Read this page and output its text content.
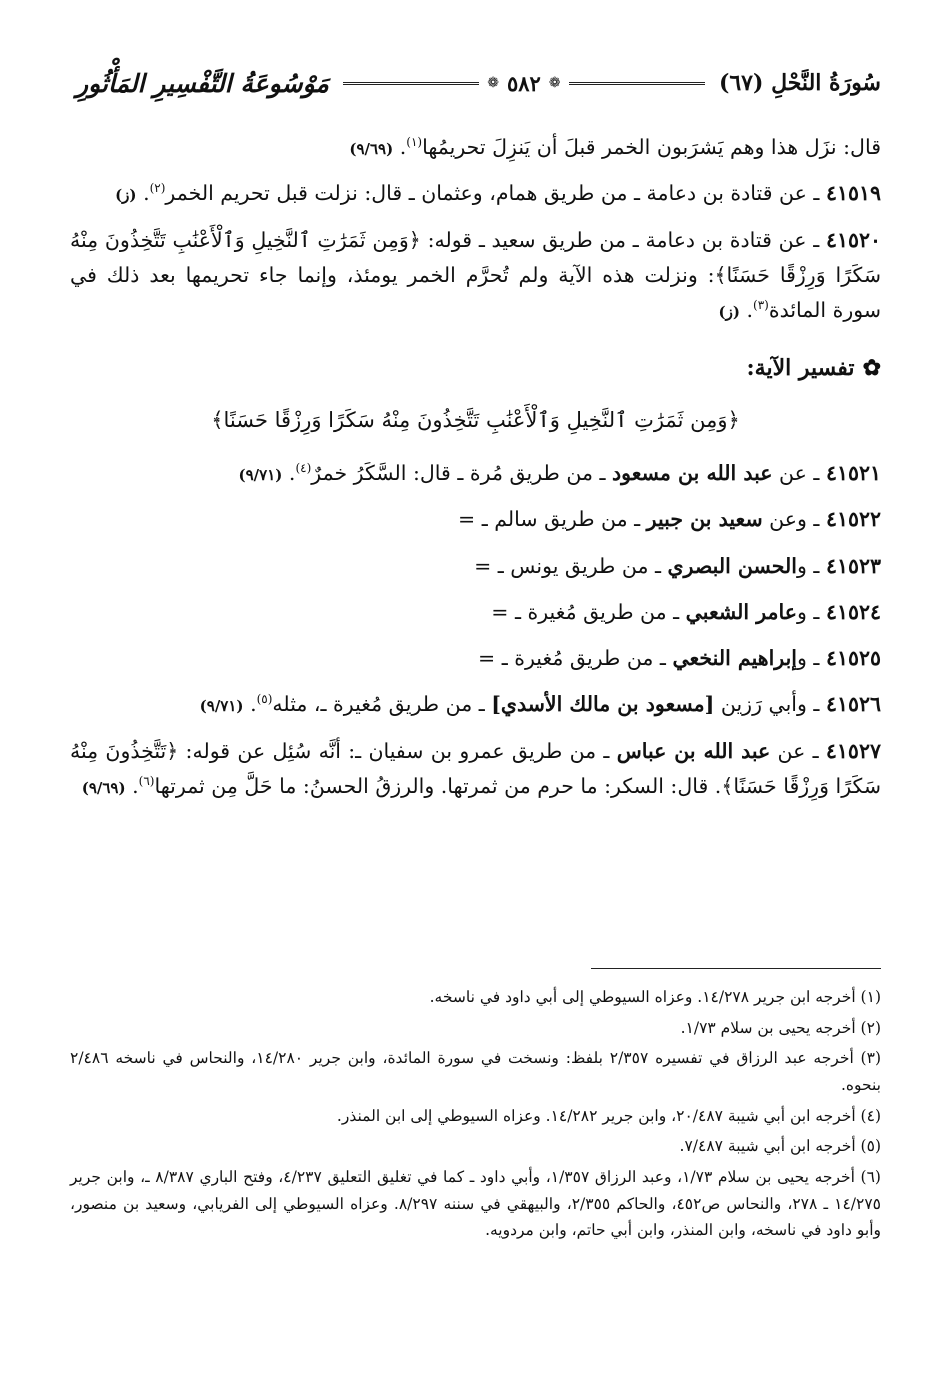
سُورَةُ النَّحْلِ (٦٧)
❁
٥٨٢
❁
مَوْسُوعَةُ التَّفْسِيرِ المَأْثُورِ

قال: نزَل هذا وهم يَشرَبون الخمر قبلَ أن يَنزِلَ تحريمُها$^{(١)}$. (٩/٦٩)

٤١٥١٩ ـ عن قتادة بن دعامة ـ من طريق همام، وعثمان ـ قال: نزلت قبل تحريم الخمر$^{(٢)}$. (ز)

٤١٥٢٠ ـ عن قتادة بن دعامة ـ من طريق سعيد ـ قوله: ﴿وَمِن ثَمَرَٰتِ ٱلنَّخِيلِ وَٱلْأَعْنَٰبِ تَتَّخِذُونَ مِنْهُ سَكَرًا وَرِزْقًا حَسَنًا﴾: ونزلت هذه الآية ولم تُحرَّم الخمر يومئذ، وإنما جاء تحريمها بعد ذلك في سورة المائدة$^{(٣)}$. (ز)

✿
تفسير الآية:
﴿وَمِن ثَمَرَٰتِ ٱلنَّخِيلِ وَٱلْأَعْنَٰبِ تَتَّخِذُونَ مِنْهُ سَكَرًا وَرِزْقًا حَسَنًا﴾

٤١٥٢١ ـ عن عبد الله بن مسعود ـ من طريق مُرة ـ قال: السَّكَرُ خمرٌ$^{(٤)}$. (٩/٧١)

٤١٥٢٢ ـ وعن سعيد بن جبير ـ من طريق سالم ـ =

٤١٥٢٣ ـ والحسن البصري ـ من طريق يونس ـ =

٤١٥٢٤ ـ وعامر الشعبي ـ من طريق مُغيرة ـ =

٤١٥٢٥ ـ وإبراهيم النخعي ـ من طريق مُغيرة ـ =

٤١٥٢٦ ـ وأبي رَزين [مسعود بن مالك الأسدي] ـ من طريق مُغيرة ـ، مثله$^{(٥)}$. (٩/٧١)

٤١٥٢٧ ـ عن عبد الله بن عباس ـ من طريق عمرو بن سفيان ـ: أنَّه سُئِل عن قوله: ﴿تَتَّخِذُونَ مِنْهُ سَكَرًا وَرِزْقًا حَسَنًا﴾. قال: السكر: ما حرم من ثمرتها. والرزقُ الحسنُ: ما حَلَّ مِن ثمرتها$^{(٦)}$. (٩/٦٩)

(١) أخرجه ابن جرير ١٤/٢٧٨. وعزاه السيوطي إلى أبي داود في ناسخه.

(٢) أخرجه يحيى بن سلام ١/٧٣.

(٣) أخرجه عبد الرزاق في تفسيره ٢/٣٥٧ بلفظ: ونسخت في سورة المائدة، وابن جرير ١٤/٢٨٠، والنحاس في ناسخه ٢/٤٨٦ بنحوه.

(٤) أخرجه ابن أبي شيبة ٢٠/٤٨٧، وابن جرير ١٤/٢٨٢. وعزاه السيوطي إلى ابن المنذر.

(٥) أخرجه ابن أبي شيبة ٧/٤٨٧.

(٦) أخرجه يحيى بن سلام ١/٧٣، وعبد الرزاق ١/٣٥٧، وأبي داود ـ كما في تغليق التعليق ٤/٢٣٧، وفتح الباري ٨/٣٨٧ ـ، وابن جرير ١٤/٢٧٥ ـ ٢٧٨، والنحاس ص٤٥٢، والحاكم ٢/٣٥٥، والبيهقي في سننه ٨/٢٩٧. وعزاه السيوطي إلى الفريابي، وسعيد بن منصور، وأبو داود في ناسخه، وابن المنذر، وابن أبي حاتم، وابن مردويه.
